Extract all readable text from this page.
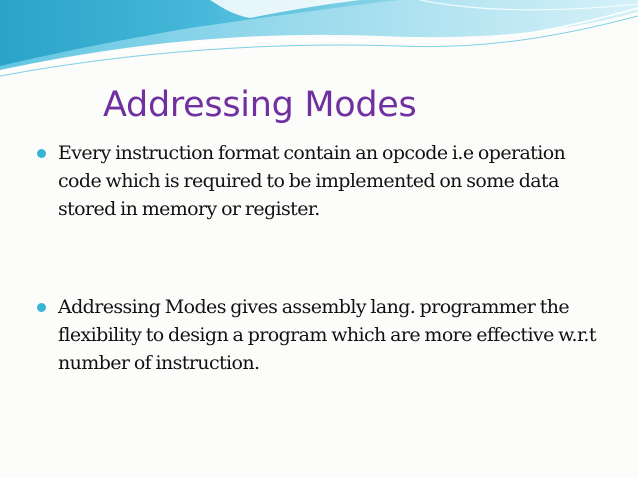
Addressing Modes
Every instruction format contain an opcode i.e operation code which is required to be implemented on some data stored in memory or register.
Addressing Modes gives assembly lang. programmer the flexibility to design a program which are more effective w.r.t number of instruction.
